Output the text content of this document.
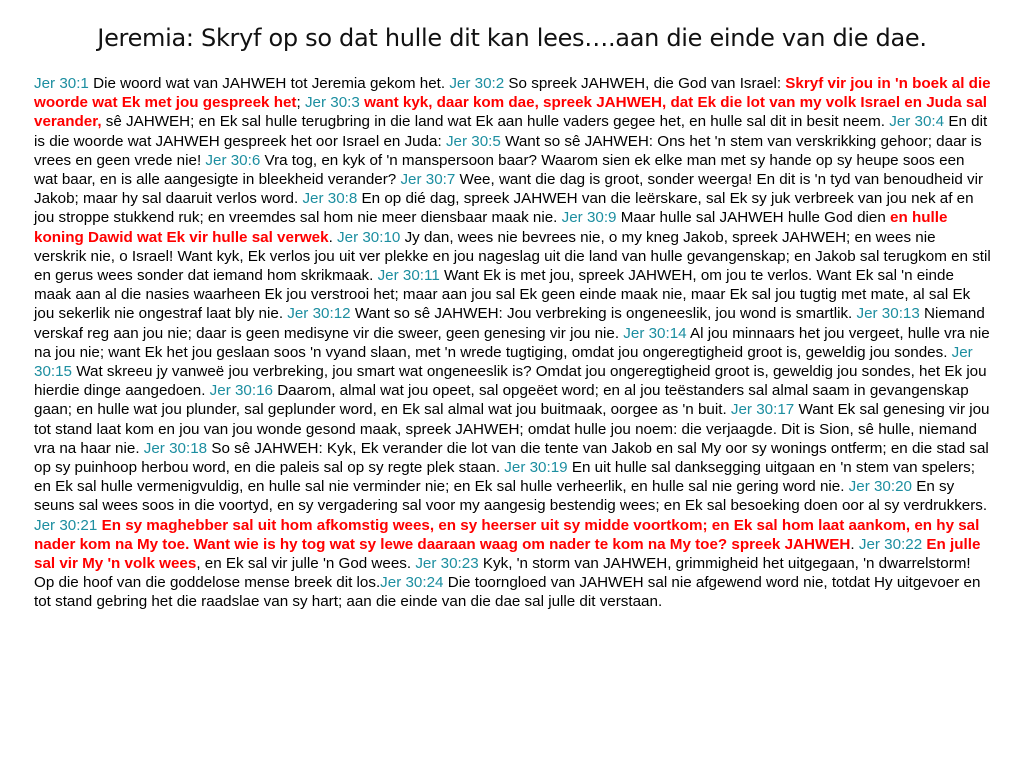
Jeremia: Skryf op so dat hulle dit kan lees….aan die einde van die dae.

Jer 30:1 Die woord wat van JAHWEH tot Jeremia gekom het. Jer 30:2 So spreek JAHWEH, die God van Israel: Skryf vir jou in 'n boek al die woorde wat Ek met jou gespreek het; Jer 30:3 want kyk, daar kom dae, spreek JAHWEH, dat Ek die lot van my volk Israel en Juda sal verander, sê JAHWEH; en Ek sal hulle terugbring in die land wat Ek aan hulle vaders gegee het, en hulle sal dit in besit neem. Jer 30:4 En dit is die woorde wat JAHWEH gespreek het oor Israel en Juda: Jer 30:5 Want so sê JAHWEH: Ons het 'n stem van verskrikking gehoor; daar is vrees en geen vrede nie! Jer 30:6 Vra tog, en kyk of 'n manspersoon baar? Waarom sien ek elke man met sy hande op sy heupe soos een wat baar, en is alle aangesigte in bleekheid verander? Jer 30:7 Wee, want die dag is groot, sonder weerga! En dit is 'n tyd van benoudheid vir Jakob; maar hy sal daaruit verlos word. Jer 30:8 En op dié dag, spreek JAHWEH van die leërskare, sal Ek sy juk verbreek van jou nek af en jou stroppe stukkend ruk; en vreemdes sal hom nie meer diensbaar maak nie. Jer 30:9 Maar hulle sal JAHWEH hulle God dien en hulle koning Dawid wat Ek vir hulle sal verwek. Jer 30:10 Jy dan, wees nie bevrees nie, o my kneg Jakob, spreek JAHWEH; en wees nie verskrik nie, o Israel! Want kyk, Ek verlos jou uit ver plekke en jou nageslag uit die land van hulle gevangenskap; en Jakob sal terugkom en stil en gerus wees sonder dat iemand hom skrikmaak. Jer 30:11 Want Ek is met jou, spreek JAHWEH, om jou te verlos. Want Ek sal 'n einde maak aan al die nasies waarheen Ek jou verstrooi het; maar aan jou sal Ek geen einde maak nie, maar Ek sal jou tugtig met mate, al sal Ek jou sekerlik nie ongestraf laat bly nie. Jer 30:12 Want so sê JAHWEH: Jou verbreking is ongeneeslik, jou wond is smartlik. Jer 30:13 Niemand verskaf reg aan jou nie; daar is geen medisyne vir die sweer, geen genesing vir jou nie. Jer 30:14 Al jou minnaars het jou vergeet, hulle vra nie na jou nie; want Ek het jou geslaan soos 'n vyand slaan, met 'n wrede tugtiging, omdat jou ongeregtigheid groot is, geweldig jou sondes. Jer 30:15 Wat skreeu jy vanweë jou verbreking, jou smart wat ongeneeslik is? Omdat jou ongeregtigheid groot is, geweldig jou sondes, het Ek jou hierdie dinge aangedoen. Jer 30:16 Daarom, almal wat jou opeet, sal opgeëet word; en al jou teëstanders sal almal saam in gevangenskap gaan; en hulle wat jou plunder, sal geplunder word, en Ek sal almal wat jou buitmaak, oorgee as 'n buit. Jer 30:17 Want Ek sal genesing vir jou tot stand laat kom en jou van jou wonde gesond maak, spreek JAHWEH; omdat hulle jou noem: die verjaagde. Dit is Sion, sê hulle, niemand vra na haar nie. Jer 30:18 So sê JAHWEH: Kyk, Ek verander die lot van die tente van Jakob en sal My oor sy wonings ontferm; en die stad sal op sy puinhoop herbou word, en die paleis sal op sy regte plek staan. Jer 30:19 En uit hulle sal danksegging uitgaan en 'n stem van spelers; en Ek sal hulle vermenigvuldig, en hulle sal nie verminder nie; en Ek sal hulle verheerlik, en hulle sal nie gering word nie. Jer 30:20 En sy seuns sal wees soos in die voortyd, en sy vergadering sal voor my aangesig bestendig wees; en Ek sal besoeking doen oor al sy verdrukkers. Jer 30:21 En sy maghebber sal uit hom afkomstig wees, en sy heerser uit sy midde voortkom; en Ek sal hom laat aankom, en hy sal nader kom na My toe. Want wie is hy tog wat sy lewe daaraan waag om nader te kom na My toe? spreek JAHWEH. Jer 30:22 En julle sal vir My 'n volk wees, en Ek sal vir julle 'n God wees. Jer 30:23 Kyk, 'n storm van JAHWEH, grimmigheid het uitgegaan, 'n dwarrelstorm! Op die hoof van die goddelose mense breek dit los.Jer 30:24 Die toorngloed van JAHWEH sal nie afgewend word nie, totdat Hy uitgevoer en tot stand gebring het die raadslae van sy hart; aan die einde van die dae sal julle dit verstaan.
